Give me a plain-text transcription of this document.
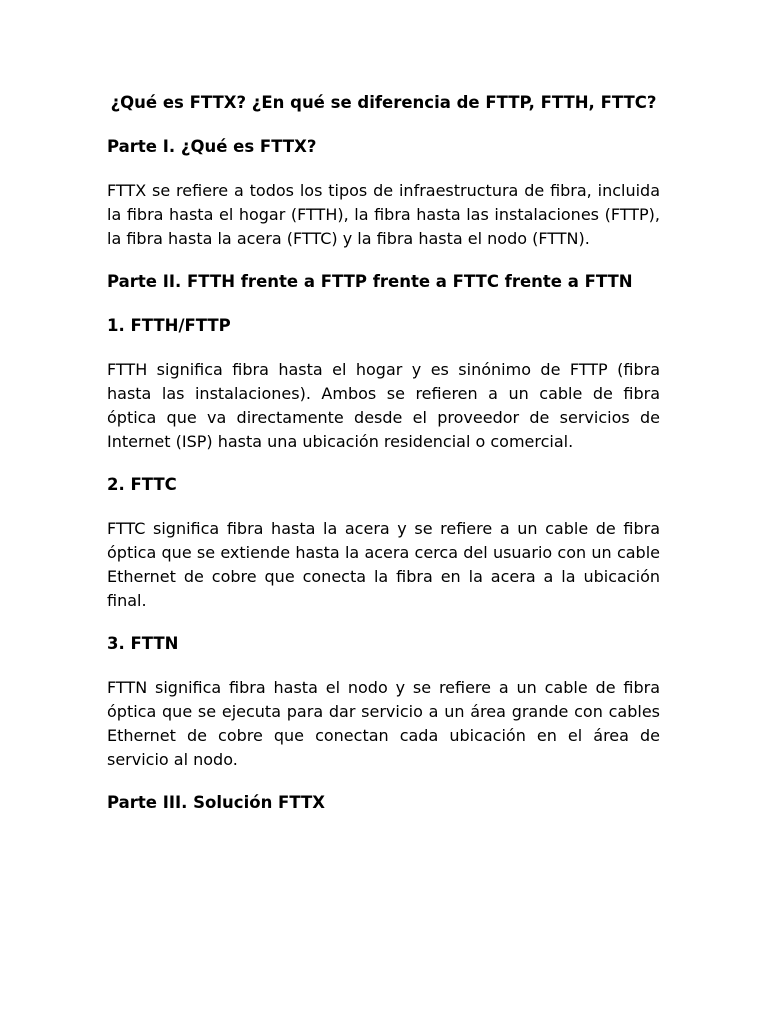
¿Qué es FTTX? ¿En qué se diferencia de FTTP, FTTH, FTTC?
Parte I. ¿Qué es FTTX?

FTTX se refiere a todos los tipos de infraestructura de fibra, incluida la fibra hasta el hogar (FTTH), la fibra hasta las instalaciones (FTTP), la fibra hasta la acera (FTTC) y la fibra hasta el nodo (FTTN).

Parte II. FTTH frente a FTTP frente a FTTC frente a FTTN
1. FTTH/FTTP

FTTH significa fibra hasta el hogar y es sinónimo de FTTP (fibra hasta las instalaciones). Ambos se refieren a un cable de fibra óptica que va directamente desde el proveedor de servicios de Internet (ISP) hasta una ubicación residencial o comercial.

2. FTTC

FTTC significa fibra hasta la acera y se refiere a un cable de fibra óptica que se extiende hasta la acera cerca del usuario con un cable Ethernet de cobre que conecta la fibra en la acera a la ubicación final.

3. FTTN

FTTN significa fibra hasta el nodo y se refiere a un cable de fibra óptica que se ejecuta para dar servicio a un área grande con cables Ethernet de cobre que conectan cada ubicación en el área de servicio al nodo.

Parte III. Solución FTTX
